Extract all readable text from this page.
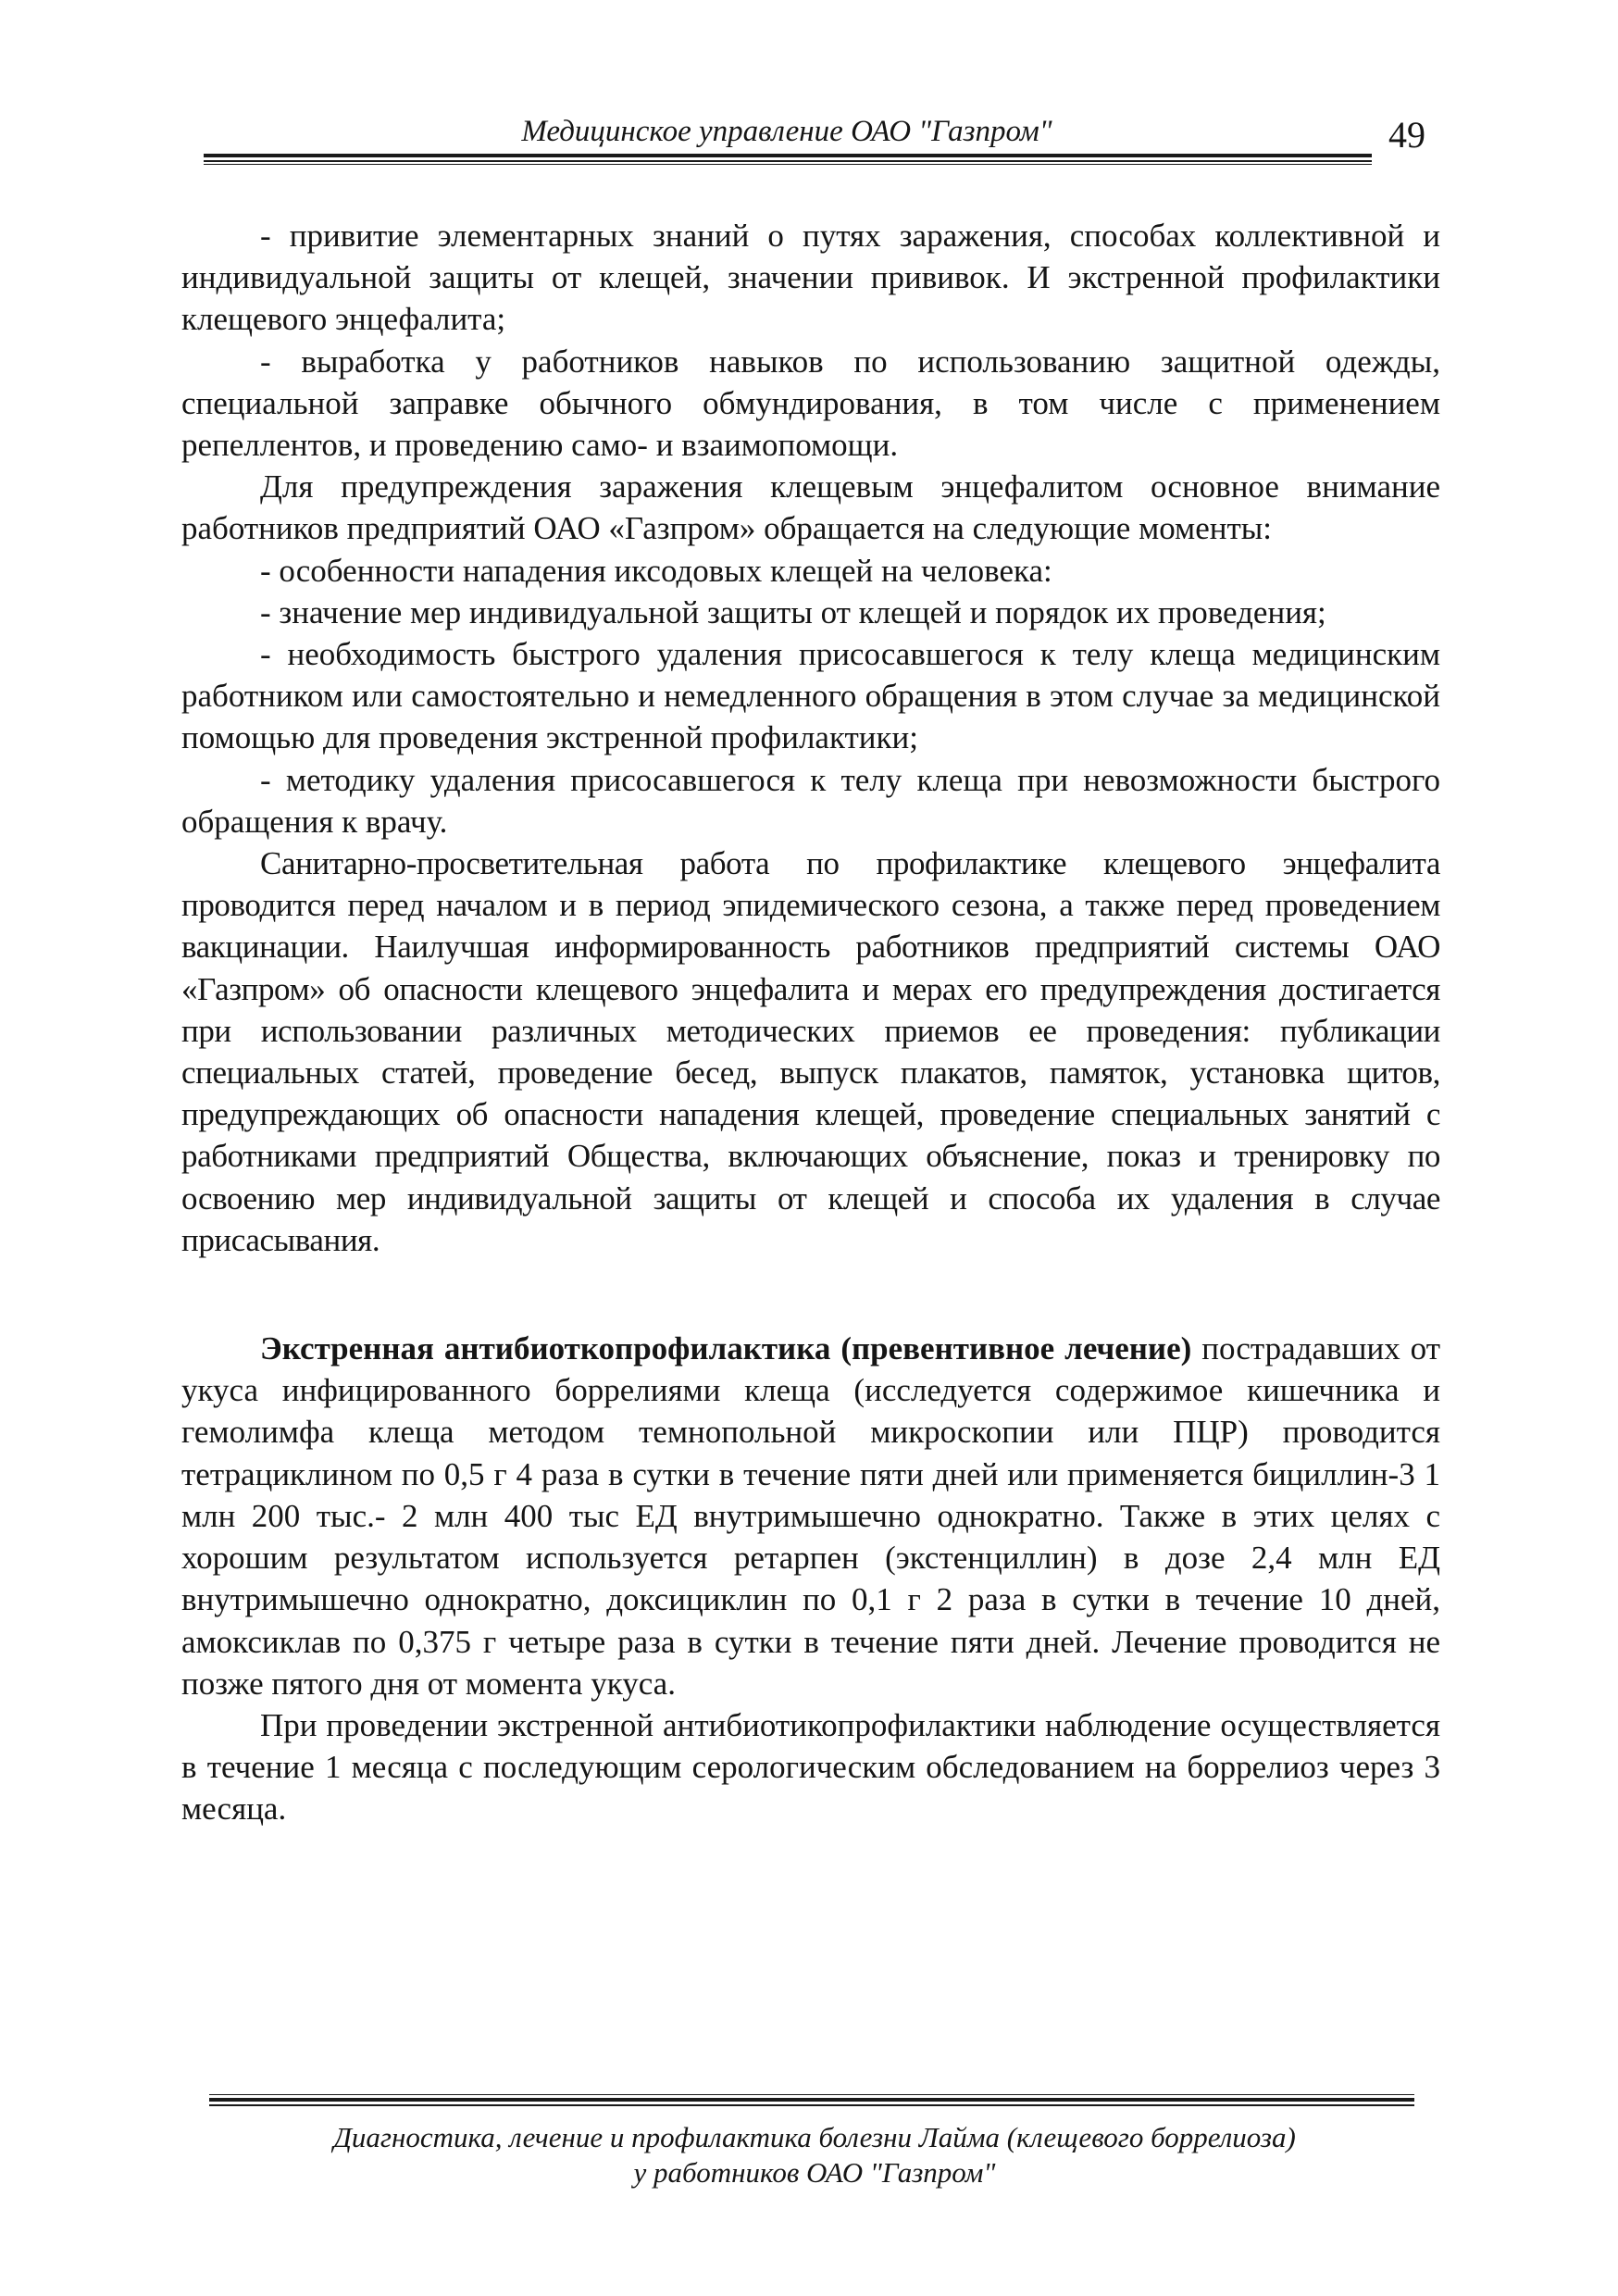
Медицинское управление ОАО "Газпром"	49

- привитие элементарных знаний о путях заражения, способах коллективной и индивидуальной защиты от клещей, значении прививок. И экстренной профилактики клещевого энцефалита;

- выработка у работников навыков по использованию защитной одежды, специальной заправке обычного обмундирования, в том числе с применением репеллентов, и проведению само- и взаимопомощи.

Для предупреждения заражения клещевым энцефалитом основное внимание работников предприятий ОАО «Газпром» обращается на следующие моменты:

- особенности нападения иксодовых клещей на человека:

- значение мер индивидуальной защиты от клещей и порядок их проведения;

- необходимость быстрого удаления присосавшегося к телу клеща медицинским работником или самостоятельно и немедленного обращения в этом случае за медицинской помощью для проведения экстренной профилактики;

- методику удаления присосавшегося к телу клеща при невозможности быстрого обращения к врачу.

Санитарно-просветительная работа по профилактике клещевого энцефалита проводится перед началом и в период эпидемического сезона, а также перед проведением вакцинации. Наилучшая информированность работников предприятий системы ОАО «Газпром» об опасности клещевого энцефалита и мерах его предупреждения достигается при использовании различных методических приемов ее проведения: публикации специальных статей, проведение бесед, выпуск плакатов, памяток, установка щитов, предупреждающих об опасности нападения клещей, проведение специальных занятий с работниками предприятий Общества, включающих объяснение, показ и тренировку по освоению мер индивидуальной защиты от клещей и способа их удаления в случае присасывания.

Экстренная антибиоткопрофилактика (превентивное лечение) пострадавших от укуса инфицированного боррелиями клеща (исследуется содержимое кишечника и гемолимфа клеща методом темнопольной микроскопии или ПЦР) проводится тетрациклином по 0,5 г 4 раза в сутки в течение пяти дней или применяется бициллин-3 1 млн 200 тыс.- 2 млн 400 тыс ЕД внутримышечно однократно. Также в этих целях с хорошим результатом используется ретарпен (экстенциллин) в дозе 2,4 млн ЕД внутримышечно однократно, доксициклин по 0,1 г 2 раза в сутки в течение 10 дней, амоксиклав по 0,375 г четыре раза в сутки в течение пяти дней. Лечение проводится не позже пятого дня от момента укуса.

При проведении экстренной антибиотикопрофилактики наблюдение осуществляется в течение 1 месяца с последующим серологическим обследованием на боррелиоз через 3 месяца.

Диагностика, лечение и профилактика болезни Лайма (клещевого боррелиоза)
у работников ОАО "Газпром"
